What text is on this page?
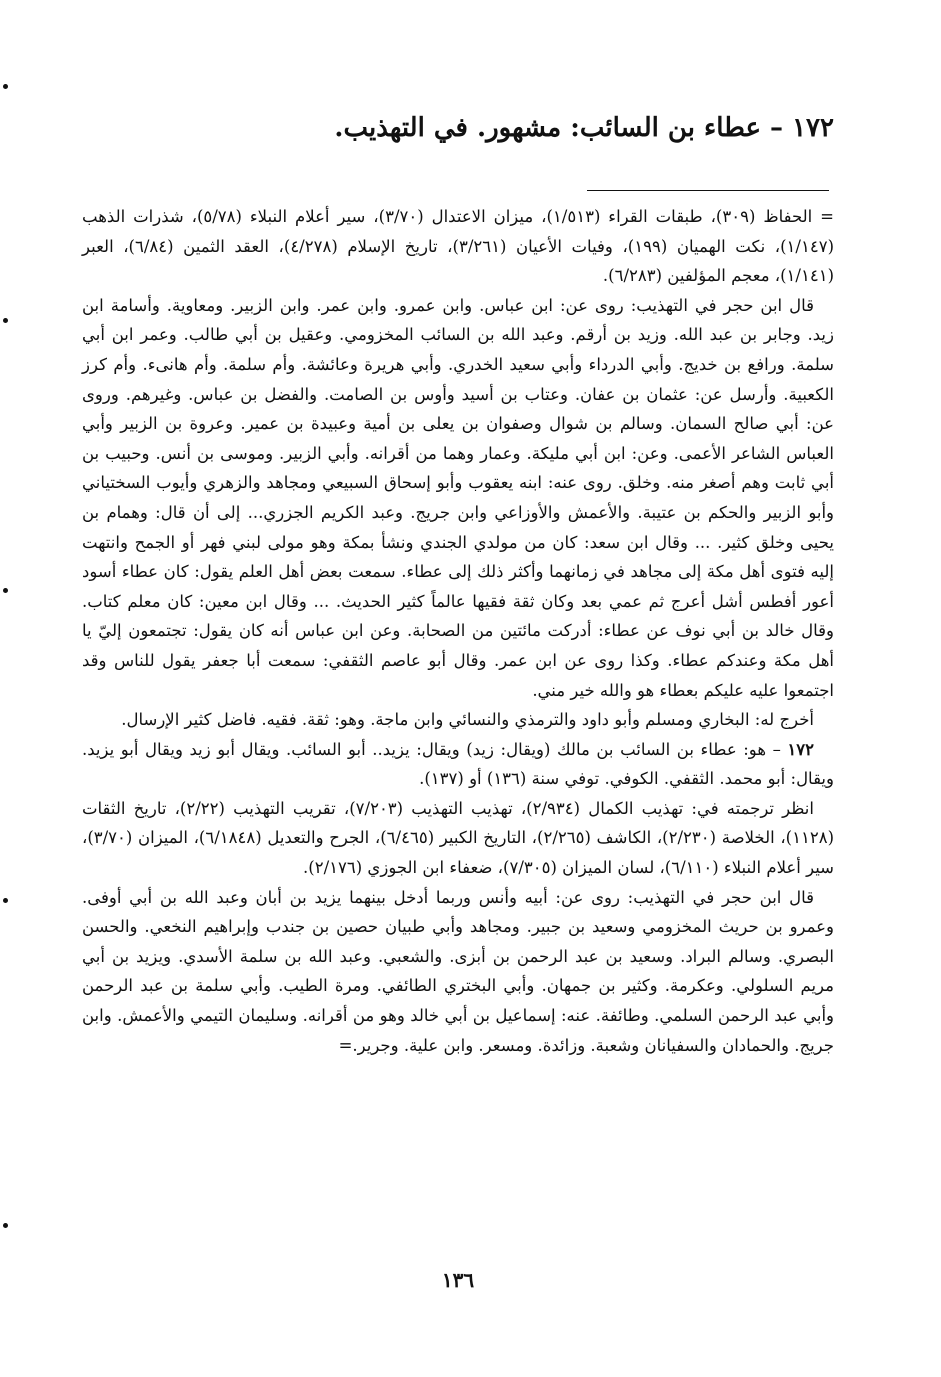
١٧٢ – عطاء بن السائب: مشهور. في التهذيب.

= الحفاظ (٣٠٩)، طبقات القراء (١/٥١٣)، ميزان الاعتدال (٣/٧٠)، سير أعلام النبلاء (٥/٧٨)، شذرات الذهب (١/١٤٧)، نكت الهميان (١٩٩)، وفيات الأعيان (٣/٢٦١)، تاريخ الإسلام (٤/٢٧٨)، العقد الثمين (٦/٨٤)، العبر (١/١٤١)، معجم المؤلفين (٦/٢٨٣).

قال ابن حجر في التهذيب: روى عن: ابن عباس. وابن عمرو. وابن عمر. وابن الزبير. ومعاوية. وأسامة ابن زيد. وجابر بن عبد الله. وزيد بن أرقم. وعبد الله بن السائب المخزومي. وعقيل بن أبي طالب. وعمر ابن أبي سلمة. ورافع بن خديج. وأبي الدرداء وأبي سعيد الخدري. وأبي هريرة وعائشة. وأم سلمة. وأم هانىء. وأم كرز الكعبية. وأرسل عن: عثمان بن عفان. وعتاب بن أسيد وأوس بن الصامت. والفضل بن عباس. وغيرهم. وروى عن: أبي صالح السمان. وسالم بن شوال وصفوان بن يعلى بن أمية وعبيدة بن عمير. وعروة بن الزبير وأبي العباس الشاعر الأعمى. وعن: ابن أبي مليكة. وعمار وهما من أقرانه. وأبي الزبير. وموسى بن أنس. وحبيب بن أبي ثابت وهم أصغر منه. وخلق. روى عنه: ابنه يعقوب وأبو إسحاق السبيعي ومجاهد والزهري وأيوب السختياني وأبو الزبير والحكم بن عتيبة. والأعمش والأوزاعي وابن جريج. وعبد الكريم الجزري... إلى أن قال: وهمام بن يحيى وخلق كثير. ... وقال ابن سعد: كان من مولدي الجندي ونشأ بمكة وهو مولى لبني فهر أو الجمح وانتهت إليه فتوى أهل مكة إلى مجاهد في زمانهما وأكثر ذلك إلى عطاء. سمعت بعض أهل العلم يقول: كان عطاء أسود أعور أفطس أشل أعرج ثم عمي بعد وكان ثقة فقيها عالماً كثير الحديث. ... وقال ابن معين: كان معلم كتاب. وقال خالد بن أبي نوف عن عطاء: أدركت مائتين من الصحابة. وعن ابن عباس أنه كان يقول: تجتمعون إليّ يا أهل مكة وعندكم عطاء. وكذا روى عن ابن عمر. وقال أبو عاصم الثقفي: سمعت أبا جعفر يقول للناس وقد اجتمعوا عليه عليكم بعطاء هو والله خير مني.

أخرج له: البخاري ومسلم وأبو داود والترمذي والنسائي وابن ماجة. وهو: ثقة. فقيه. فاضل كثير الإرسال.

١٧٢ – هو: عطاء بن السائب بن مالك (ويقال: زيد) ويقال: يزيد.. أبو السائب. ويقال أبو زيد ويقال أبو يزيد. ويقال: أبو محمد. الثقفي. الكوفي. توفي سنة (١٣٦) أو (١٣٧).

انظر ترجمته في: تهذيب الكمال (٢/٩٣٤)، تهذيب التهذيب (٧/٢٠٣)، تقريب التهذيب (٢/٢٢)، تاريخ الثقات (١١٢٨)، الخلاصة (٢/٢٣٠)، الكاشف (٢/٢٦٥)، التاريخ الكبير (٦/٤٦٥)، الجرح والتعديل (٦/١٨٤٨)، الميزان (٣/٧٠)، سير أعلام النبلاء (٦/١١٠)، لسان الميزان (٧/٣٠٥)، ضعفاء ابن الجوزي (٢/١٧٦).

قال ابن حجر في التهذيب: روى عن: أبيه وأنس وربما أدخل بينهما يزيد بن أبان وعبد الله بن أبي أوفى. وعمرو بن حريث المخزومي وسعيد بن جبير. ومجاهد وأبي طبيان حصين بن جندب وإبراهيم النخعي. والحسن البصري. وسالم البراد. وسعيد بن عبد الرحمن بن أبزى. والشعبي. وعبد الله بن سلمة الأسدي. ويزيد بن أبي مريم السلولي. وعكرمة. وكثير بن جمهان. وأبي البختري الطائفي. ومرة الطيب. وأبي سلمة بن عبد الرحمن وأبي عبد الرحمن السلمي. وطائفة. عنه: إسماعيل بن أبي خالد وهو من أقرانه. وسليمان التيمي والأعمش. وابن جريج. والحمادان والسفيانان وشعبة. وزائدة. ومسعر. وابن علية. وجرير.=

١٣٦
